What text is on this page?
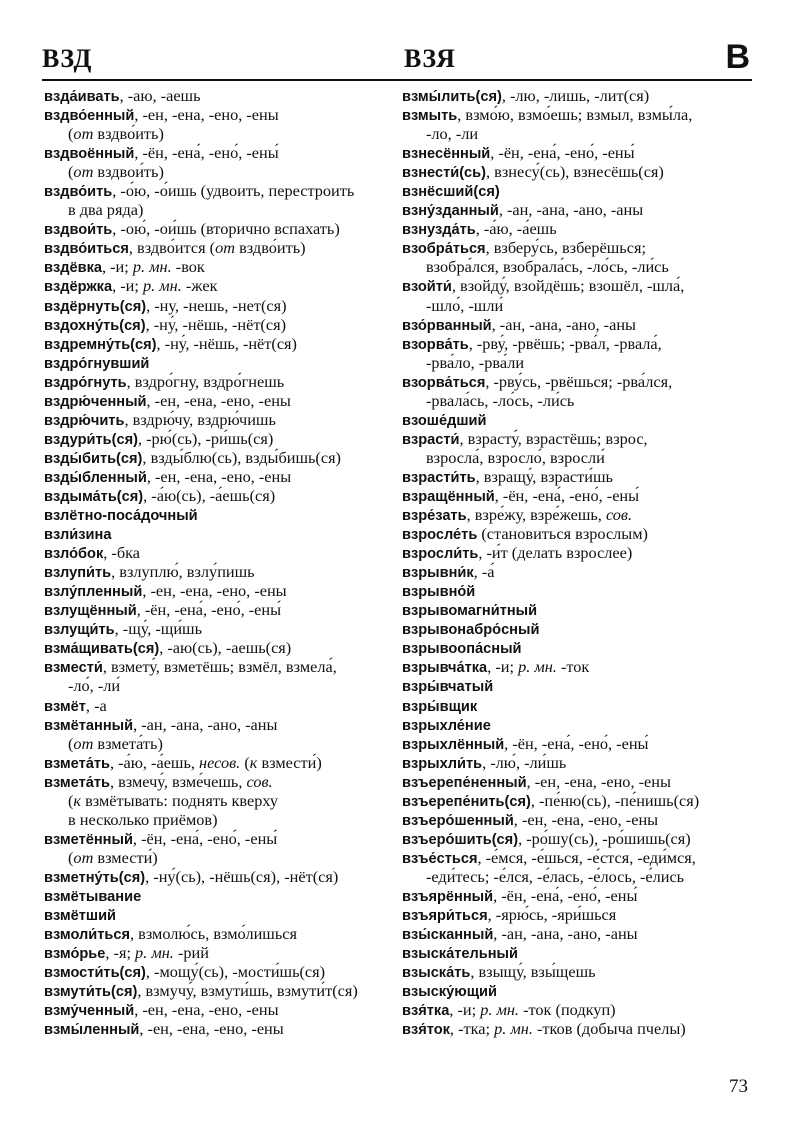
ВЗД	ВЗЯ	В
взда́ивать, -аю, -аешь
вздво́енный, -ен, -ена, -ено, -ены
(от вздво́ить)
вздвоённый, -ён, -ена́, -ено́, -ены́
(от вздвои́ть)
вздво́ить, -о́ю, -о́ишь (удвоить, перестроить
в два ряда)
вздвои́ть, -ою́, -ои́шь (вторично вспахать)
вздво́иться, вздво́ится (от вздво́ить)
вздёвка, -и; р. мн. -вок
вздёржка, -и; р. мн. -жек
вздёрнуть(ся), -ну, -нешь, -нет(ся)
вздохну́ть(ся), -ну́, -нёшь, -нёт(ся)
вздремну́ть(ся), -ну́, -нёшь, -нёт(ся)
вздро́гнувший
вздро́гнуть, вздро́гну, вздро́гнешь
вздрю́ченный, -ен, -ена, -ено, -ены
вздрю́чить, вздрю́чу, вздрю́чишь
вздури́ть(ся), -рю́(сь), -ри́шь(ся)
взды́бить(ся), взды́блю(сь), взды́бишь(ся)
взды́бленный, -ен, -ена, -ено, -ены
вздыма́ть(ся), -а́ю(сь), -а́ешь(ся)
взлётно-поса́дочный
взли́зина
взло́бок, -бка
взлупи́ть, взлуплю́, взлу́пишь
взлу́пленный, -ен, -ена, -ено, -ены
взлущённый, -ён, -ена́, -ено́, -ены́
взлущи́ть, -щу́, -щи́шь
взма́щивать(ся), -аю(сь), -аешь(ся)
взмести́, взмету́, взметёшь; взмёл, взмела́,
-ло́, -ли́
взмёт, -а
взмётанный, -ан, -ана, -ано, -аны
(от взмета́ть)
взмета́ть, -а́ю, -а́ешь, несов. (к взмести́)
взмета́ть, взмечу́, взме́чешь, сов.
(к взмётывать: поднять кверху
в несколько приёмов)
взметённый, -ён, -ена́, -ено́, -ены́
(от взмести́)
взметну́ть(ся), -ну́(сь), -нёшь(ся), -нёт(ся)
взмётывание
взмётший
взмоли́ться, взмолю́сь, взмо́лишься
взмо́рье, -я; р. мн. -рий
взмости́ть(ся), -мощу́(сь), -мости́шь(ся)
взмути́ть(ся), взмучу́, взмути́шь, взмути́т(ся)
взму́ченный, -ен, -ена, -ено, -ены
взмы́ленный, -ен, -ена, -ено, -ены
взмы́лить(ся), -лю, -лишь, -лит(ся)
взмыть, взмо́ю, взмо́ешь; взмыл, взмы́ла,
-ло, -ли
взнесённый, -ён, -ена́, -ено́, -ены́
взнести́(сь), взнесу́(сь), взнесёшь(ся)
взнёсший(ся)
взну́зданный, -ан, -ана, -ано, -аны
взнузда́ть, -а́ю, -а́ешь
взобра́ться, взберу́сь, взберёшься;
взобра́лся, взобрала́сь, -ло́сь, -ли́сь
взойти́, взойду́, взойдёшь; взошёл, -шла́,
-шло́, -шли́
взо́рванный, -ан, -ана, -ано, -аны
взорва́ть, -рву́, -рвёшь; -рва́л, -рвала́,
-рва́ло, -рва́ли
взорва́ться, -рву́сь, -рвёшься; -рва́лся,
-рвала́сь, -ло́сь, -ли́сь
взоше́дший
взрасти́, взрасту́, взрастёшь; взрос,
взросла́, взросло́, взросли́
взрасти́ть, взращу́, взрасти́шь
взращённый, -ён, -ена́, -ено́, -ены́
взре́зать, взре́жу, взре́жешь, сов.
взросле́ть (становиться взрослым)
взросли́ть, -и́т (делать взрослее)
взрывни́к, -а́
взрывно́й
взрывомагни́тный
взрывонабро́сный
взрывоопа́сный
взрывча́тка, -и; р. мн. -ток
взры́вчатый
взры́вщик
взрыхле́ние
взрыхлённый, -ён, -ена́, -ено́, -ены́
взрыхли́ть, -лю́, -ли́шь
взъерепе́ненный, -ен, -ена, -ено, -ены
взъерепе́нить(ся), -пе́ню(сь), -пе́нишь(ся)
взъеро́шенный, -ен, -ена, -ено, -ены
взъеро́шить(ся), -ро́шу(сь), -ро́шишь(ся)
взъе́сться, -е́мся, -е́шься, -е́стся, -еди́мся,
-еди́тесь; -е́лся, -е́лась, -е́лось, -е́лись
взъярённый, -ён, -ена́, -ено́, -ены́
взъяри́ться, -ярю́сь, -яри́шься
взы́сканный, -ан, -ана, -ано, -аны
взыска́тельный
взыска́ть, взыщу́, взы́щешь
взыску́ющий
взя́тка, -и; р. мн. -ток (подкуп)
взя́ток, -тка; р. мн. -тков (добыча пчелы)
73
